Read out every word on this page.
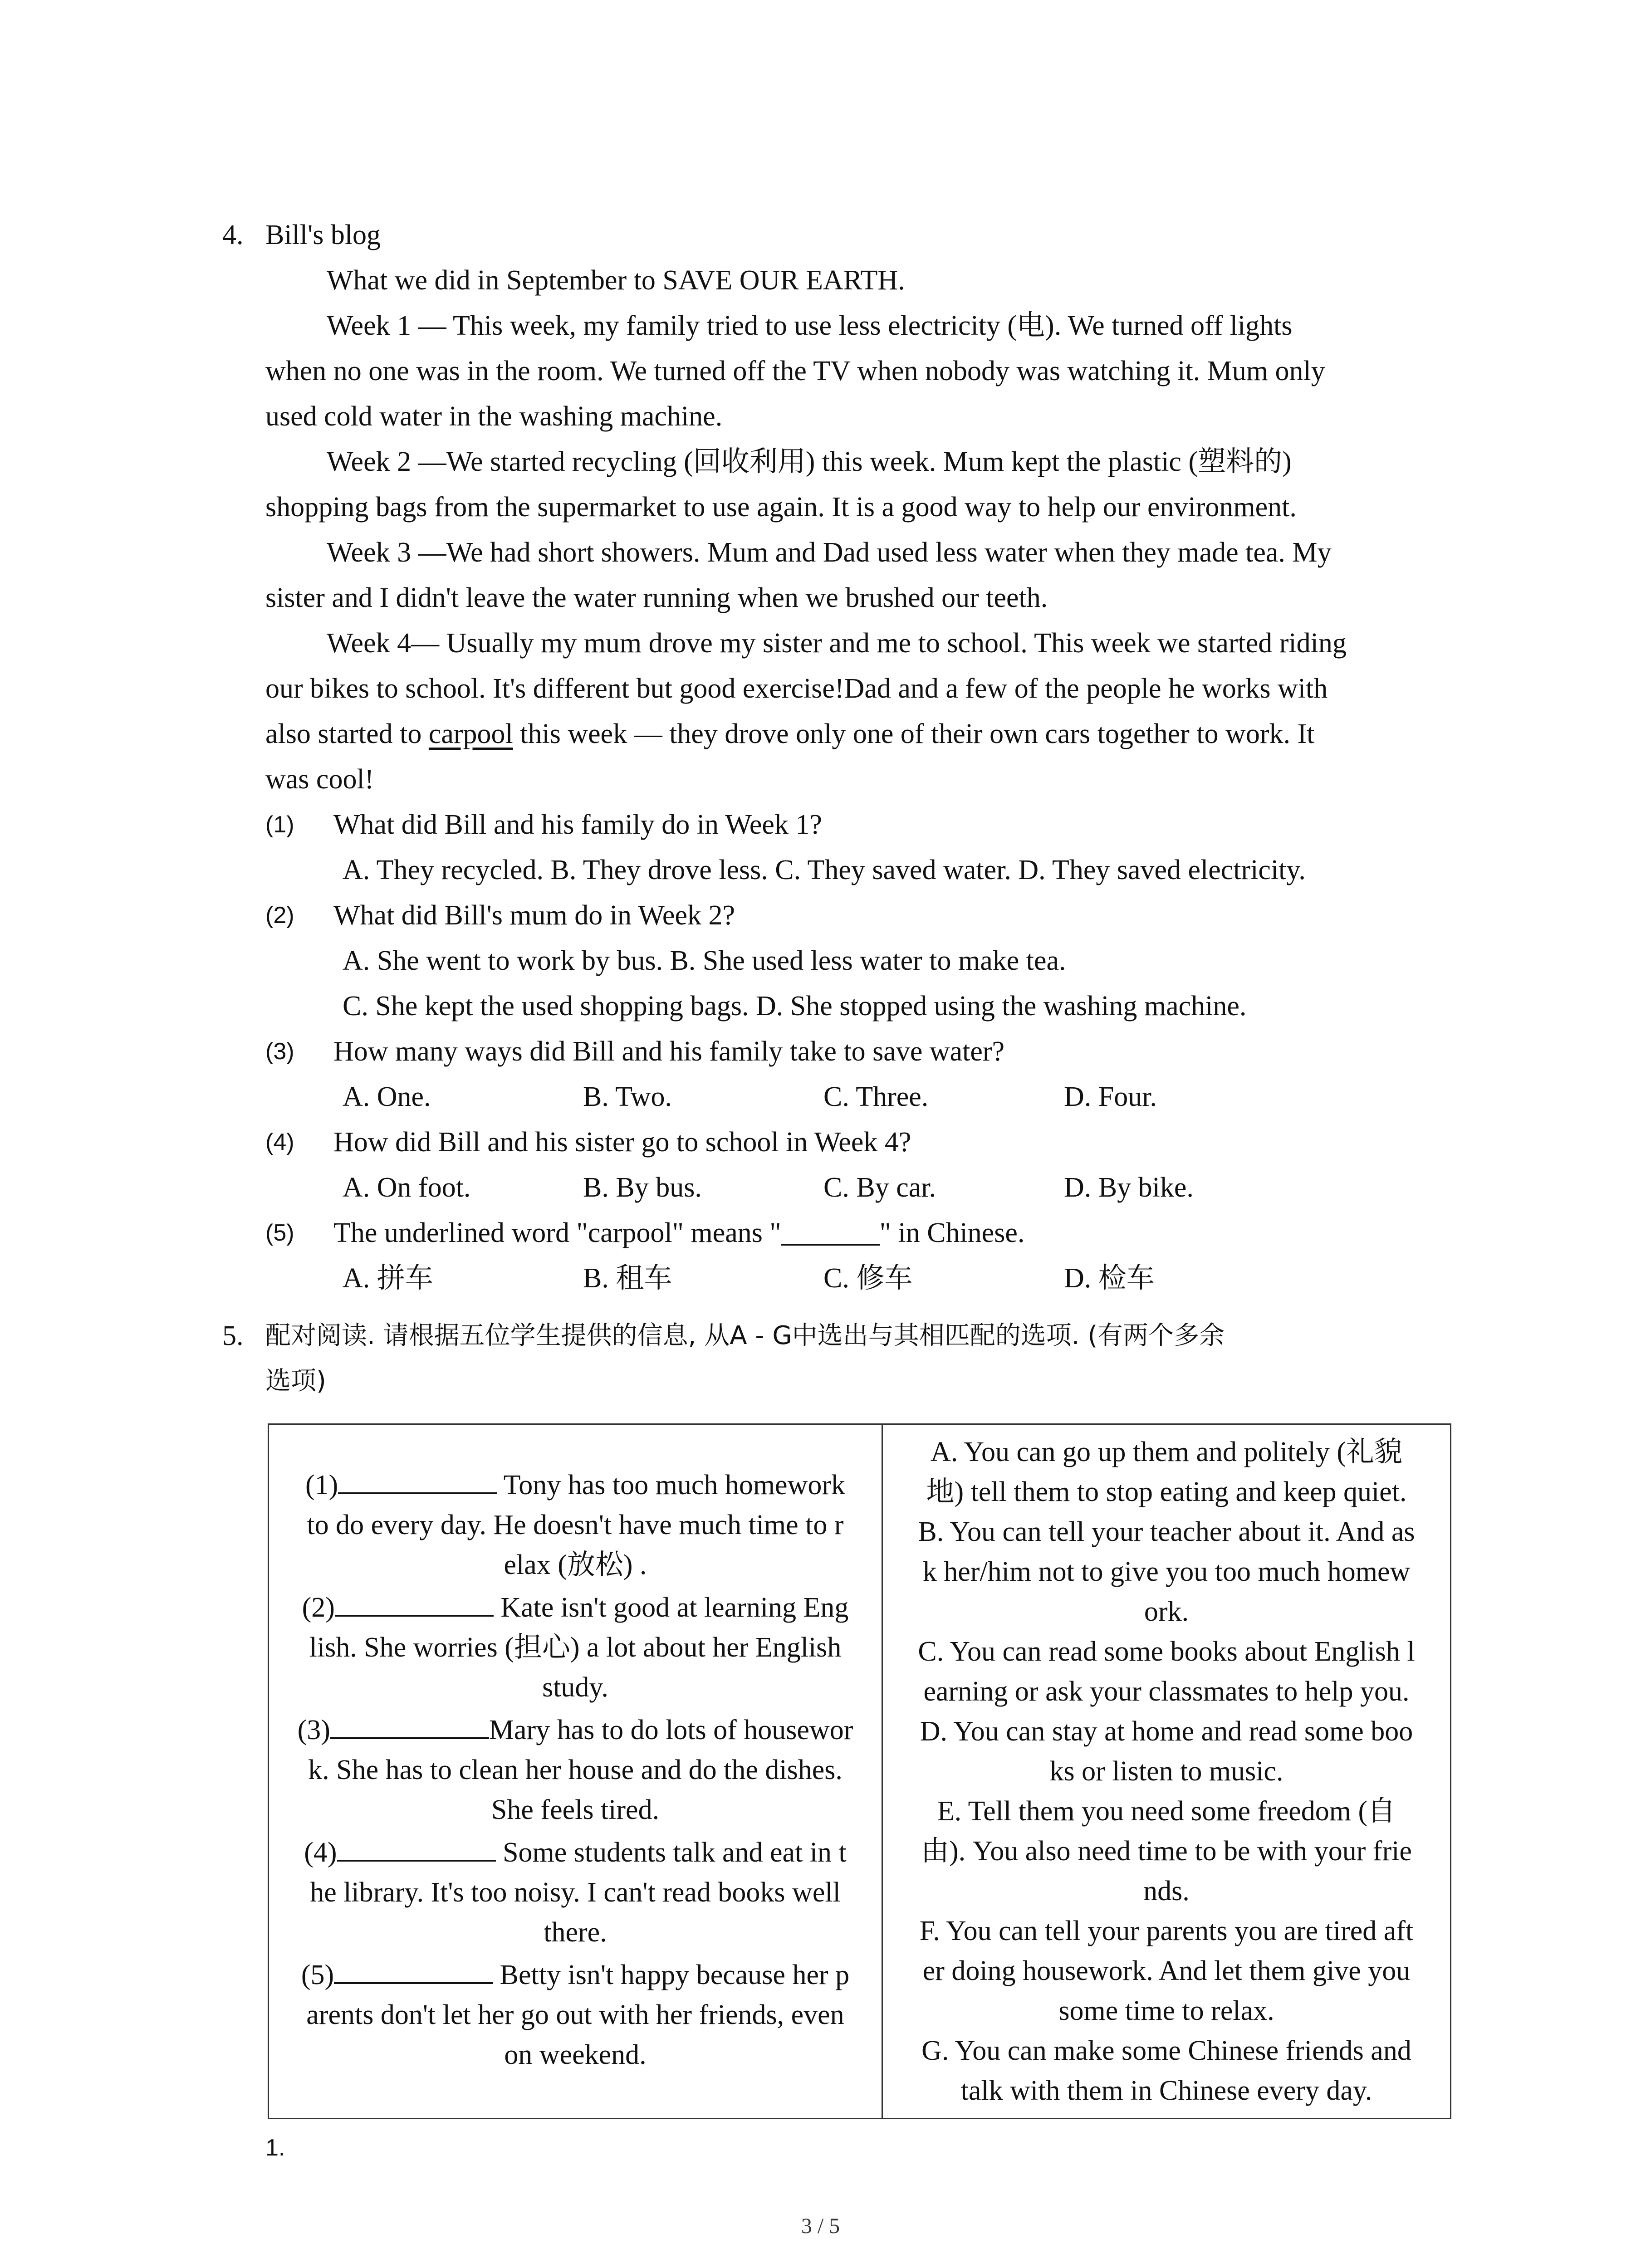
4. Bill's blog
What we did in September to SAVE OUR EARTH.
Week 1 — This week, my family tried to use less electricity (电). We turned off lights
when no one was in the room. We turned off the TV when nobody was watching it. Mum only
used cold water in the washing machine.
Week 2 —We started recycling (回收利用) this week. Mum kept the plastic (塑料的)
shopping bags from the supermarket to use again. It is a good way to help our environment.
Week 3 —We had short showers. Mum and Dad used less water when they made tea. My
sister and I didn't leave the water running when we brushed our teeth.
Week 4— Usually my mum drove my sister and me to school. This week we started riding
our bikes to school. It's different but good exercise!Dad and a few of the people he works with
also started to carpool this week — they drove only one of their own cars together to work. It
was cool!
(1) What did Bill and his family do in Week 1?
A. They recycled. B. They drove less. C. They saved water. D. They saved electricity.
(2) What did Bill's mum do in Week 2?
A. She went to work by bus. B. She used less water to make tea.
C. She kept the used shopping bags. D. She stopped using the washing machine.
(3) How many ways did Bill and his family take to save water?
A. One.	B. Two.	C. Three.	D. Four.
(4) How did Bill and his sister go to school in Week 4?
A. On foot.	B. By bus.	C. By car.	D. By bike.
(5) The underlined word "carpool" means "_______" in Chinese.
A. 拼车	B. 租车	C. 修车	D. 检车
5. 配对阅读. 请根据五位学生提供的信息, 从A - G中选出与其相匹配的选项. (有两个多余
选项)

(1)	Tony has too much homework
to do every day. He doesn't have much time to r
elax (放松) .

(2)	Kate isn't good at learning Eng
lish. She worries (担心) a lot about her English
study.

(3)	Mary has to do lots of housewor
k. She has to clean her house and do the dishes.
She feels tired.

(4)	Some students talk and eat in t
he library. It's too noisy. I can't read books well
there.

(5)	Betty isn't happy because her p
arents don't let her go out with her friends, even
on weekend.

A. You can go up them and politely (礼貌

地) tell them to stop eating and keep quiet.

B. You can tell your teacher about it. And as

k her/him not to give you too much homew

ork.

C. You can read some books about English l

earning or ask your classmates to help you.

D. You can stay at home and read some boo

ks or listen to music.

E. Tell them you need some freedom (自

由). You also need time to be with your frie

nds.

F. You can tell your parents you are tired aft

er doing housework. And let them give you

some time to relax.

G. You can make some Chinese friends and

talk with them in Chinese every day.

1.
3 / 5
